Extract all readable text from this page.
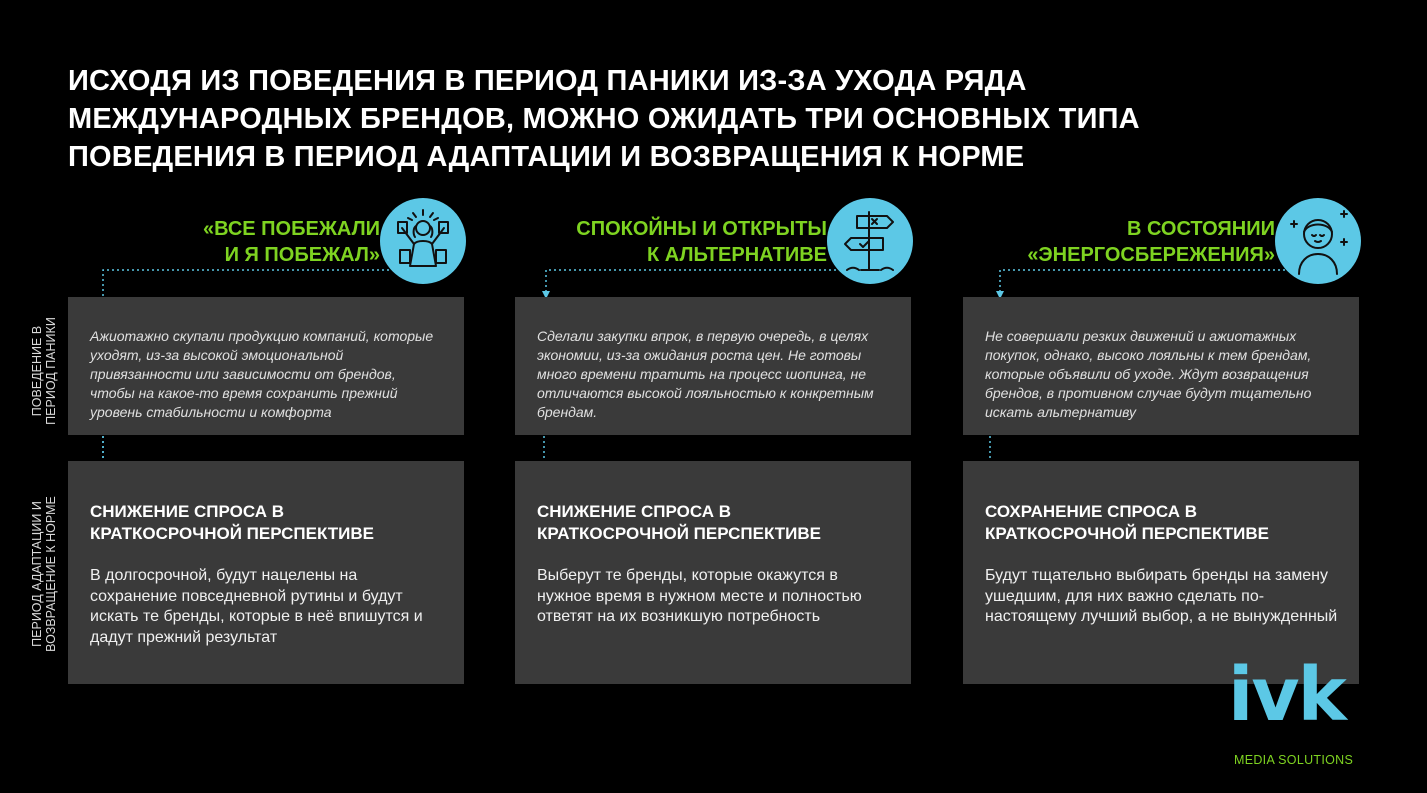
ИСХОДЯ ИЗ ПОВЕДЕНИЯ В ПЕРИОД ПАНИКИ ИЗ-ЗА УХОДА РЯДА МЕЖДУНАРОДНЫХ БРЕНДОВ, МОЖНО ОЖИДАТЬ ТРИ ОСНОВНЫХ ТИПА ПОВЕДЕНИЯ В ПЕРИОД АДАПТАЦИИ И ВОЗВРАЩЕНИЯ К НОРМЕ
ПОВЕДЕНИЕ В
ПЕРИОД ПАНИКИ
ПЕРИОД АДАПТАЦИИ И
ВОЗВРАЩЕНИЕ К НОРМЕ
«ВСЕ ПОБЕЖАЛИ
И Я ПОБЕЖАЛ»

Ажиотажно скупали продукцию компаний, которые уходят, из-за высокой эмоциональной привязанности или зависимости от брендов, чтобы на какое-то время сохранить прежний уровень стабильности и комфорта

СНИЖЕНИЕ СПРОСА В
КРАТКОСРОЧНОЙ ПЕРСПЕКТИВЕ

В долгосрочной, будут нацелены на сохранение повседневной рутины и будут искать те бренды, которые в неё впишутся и дадут прежний результат

СПОКОЙНЫ И ОТКРЫТЫ
К АЛЬТЕРНАТИВЕ

Сделали закупки впрок, в первую очередь, в целях экономии, из-за ожидания роста цен. Не готовы много времени тратить на процесс шопинга, не отличаются высокой лояльностью к конкретным брендам.

СНИЖЕНИЕ СПРОСА В
КРАТКОСРОЧНОЙ ПЕРСПЕКТИВЕ

Выберут те бренды, которые окажутся в нужное время в нужном месте и полностью ответят на их возникшую потребность

В СОСТОЯНИИ
«ЭНЕРГОСБЕРЕЖЕНИЯ»

Не совершали резких движений и ажиотажных покупок, однако, высоко лояльны к тем брендам, которые объявили об уходе. Ждут возвращения брендов, в противном случае будут тщательно искать альтернативу

СОХРАНЕНИЕ СПРОСА В
КРАТКОСРОЧНОЙ ПЕРСПЕКТИВЕ

Будут тщательно выбирать бренды на замену ушедшим, для них важно сделать по-настоящему лучший выбор, а не вынужденный

ivk
MEDIA SOLUTIONS
